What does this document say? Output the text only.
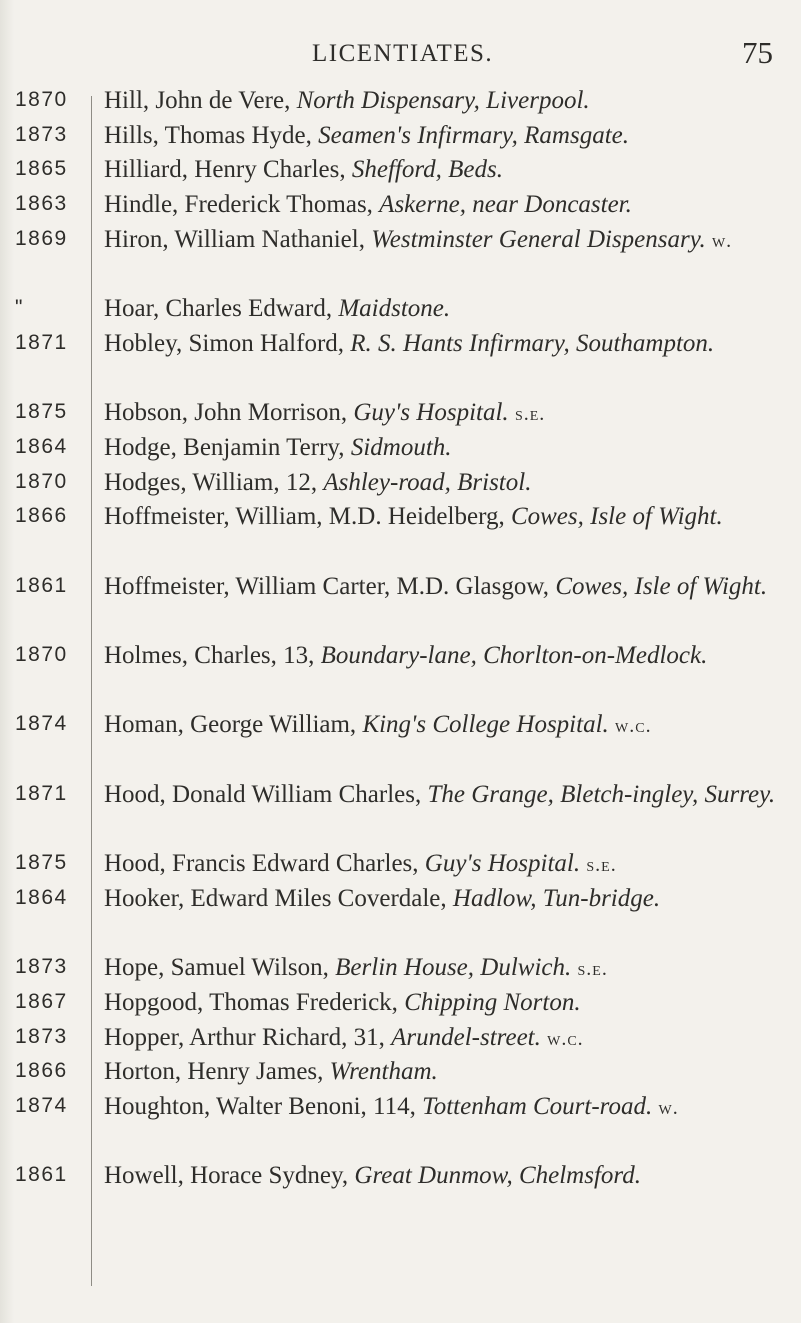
LICENTIATES.	75
1870	Hill, John de Vere, North Dispensary, Liverpool.
1873	Hills, Thomas Hyde, Seamen's Infirmary, Ramsgate.
1865	Hilliard, Henry Charles, Shefford, Beds.
1863	Hindle, Frederick Thomas, Askerne, near Doncaster.
1869	Hiron, William Nathaniel, Westminster General Dispensary. w.
"	Hoar, Charles Edward, Maidstone.
1871	Hobley, Simon Halford, R. S. Hants Infirmary, Southampton.
1875	Hobson, John Morrison, Guy's Hospital. s.e.
1864	Hodge, Benjamin Terry, Sidmouth.
1870	Hodges, William, 12, Ashley-road, Bristol.
1866	Hoffmeister, William, M.D. Heidelberg, Cowes, Isle of Wight.
1861	Hoffmeister, William Carter, M.D. Glasgow, Cowes, Isle of Wight.
1870	Holmes, Charles, 13, Boundary-lane, Chorlton-on-Medlock.
1874	Homan, George William, King's College Hospital. w.c.
1871	Hood, Donald William Charles, The Grange, Bletch-ingley, Surrey.
1875	Hood, Francis Edward Charles, Guy's Hospital. s.e.
1864	Hooker, Edward Miles Coverdale, Hadlow, Tun-bridge.
1873	Hope, Samuel Wilson, Berlin House, Dulwich. s.e.
1867	Hopgood, Thomas Frederick, Chipping Norton.
1873	Hopper, Arthur Richard, 31, Arundel-street. w.c.
1866	Horton, Henry James, Wrentham.
1874	Houghton, Walter Benoni, 114, Tottenham Court-road. w.
1861	Howell, Horace Sydney, Great Dunmow, Chelmsford.
